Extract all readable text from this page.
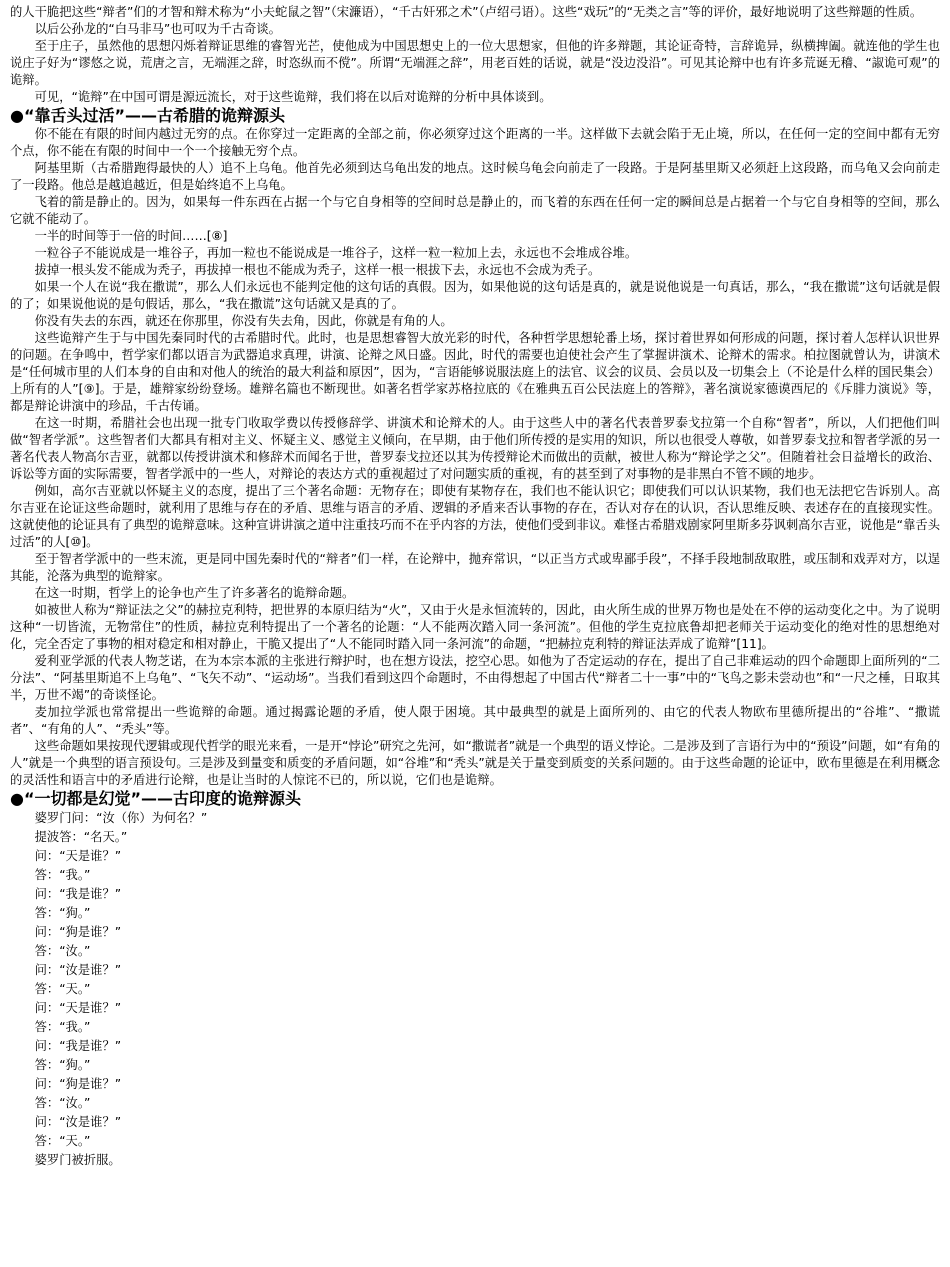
的人干脆把这些“辩者”们的才智和辩术称为“小夫蛇鼠之智”（宋濂语），“千古奸邪之术”（卢绍弓语）。这些“戏玩”的“无类之言”等的评价，最好地说明了这些辩题的性质。

以后公孙龙的“白马非马”也可叹为千古奇谈。

至于庄子，虽然他的思想闪烁着辩证思维的睿智光芒，使他成为中国思想史上的一位大思想家，但他的许多辩题，其论证奇特，言辞诡异，纵横捭阖。就连他的学生也说庄子好为“谬悠之说，荒唐之言，无端涯之辞，时恣纵而不傥”。所谓“无端涯之辞”，用老百姓的话说，就是“没边没沿”。可见其论辩中也有许多荒诞无稽、“諔诡可观”的诡辩。

可见，“诡辩”在中国可谓是源远流长，对于这些诡辩，我们将在以后对诡辩的分析中具体谈到。

●“靠舌头过活”——古希腊的诡辩源头

你不能在有限的时间内越过无穷的点。在你穿过一定距离的全部之前，你必须穿过这个距离的一半。这样做下去就会陷于无止境，所以，在任何一定的空间中都有无穷个点，你不能在有限的时间中一个一个接触无穷个点。

阿基里斯（古希腊跑得最快的人）追不上乌龟。他首先必须到达乌龟出发的地点。这时候乌龟会向前走了一段路。于是阿基里斯又必须赶上这段路，而乌龟又会向前走了一段路。他总是越追越近，但是始终追不上乌龟。

飞着的箭是静止的。因为，如果每一件东西在占据一个与它自身相等的空间时总是静止的，而飞着的东西在任何一定的瞬间总是占据着一个与它自身相等的空间，那么它就不能动了。

一半的时间等于一倍的时间……[⑧]

一粒谷子不能说成是一堆谷子，再加一粒也不能说成是一堆谷子，这样一粒一粒加上去，永远也不会堆成谷堆。

拔掉一根头发不能成为秃子，再拔掉一根也不能成为秃子，这样一根一根拔下去，永远也不会成为秃子。

如果一个人在说“我在撒谎”，那么人们永远也不能判定他的这句话的真假。因为，如果他说的这句话是真的，就是说他说是一句真话，那么，“我在撒谎”这句话就是假的了；如果说他说的是句假话，那么，“我在撒谎”这句话就又是真的了。

你没有失去的东西，就还在你那里，你没有失去角，因此，你就是有角的人。

这些诡辩产生于与中国先秦同时代的古希腊时代。此时，也是思想睿智大放光彩的时代，各种哲学思想轮番上场，探讨着世界如何形成的问题，探讨着人怎样认识世界的问题。在争鸣中，哲学家们都以语言为武器追求真理，讲演、论辩之风日盛。因此，时代的需要也迫使社会产生了掌握讲演术、论辩术的需求。柏拉图就曾认为，讲演术是“任何城市里的人们本身的自由和对他人的统治的最大利益和原因”，因为，“言语能够说服法庭上的法官、议会的议员、会员以及一切集会上（不论是什么样的国民集会）上所有的人”[⑨]。于是，雄辩家纷纷登场。雄辩名篇也不断现世。如著名哲学家苏格拉底的《在雅典五百公民法庭上的答辩》，著名演说家德谟西尼的《斥腓力演说》等，都是辩论讲演中的珍品，千古传诵。

在这一时期，希腊社会也出现一批专门收取学费以传授修辞学、讲演术和论辩术的人。由于这些人中的著名代表普罗泰戈拉第一个自称“智者”，所以，人们把他们叫做“智者学派”。这些智者们大都具有相对主义、怀疑主义、感觉主义倾向，在早期，由于他们所传授的是实用的知识，所以也很受人尊敬，如普罗泰戈拉和智者学派的另一著名代表人物高尔吉亚，就都以传授讲演术和修辞术而闻名于世，普罗泰戈拉还以其为传授辩论术而做出的贡献，被世人称为“辩论学之父”。但随着社会日益增长的政治、诉讼等方面的实际需要，智者学派中的一些人，对辩论的表达方式的重视超过了对问题实质的重视，有的甚至到了对事物的是非黑白不管不顾的地步。

例如，高尔吉亚就以怀疑主义的态度，提出了三个著名命题：无物存在；即使有某物存在，我们也不能认识它；即使我们可以认识某物，我们也无法把它告诉别人。高尔吉亚在论证这些命题时，就利用了思维与存在的矛盾、思维与语言的矛盾、逻辑的矛盾来否认事物的存在，否认对存在的认识，否认思维反映、表述存在的直接现实性。这就使他的论证具有了典型的诡辩意味。这种宣讲讲演之道中注重技巧而不在乎内容的方法，使他们受到非议。难怪古希腊戏剧家阿里斯多芬讽刺高尔吉亚，说他是“靠舌头过活”的人[⑩]。

至于智者学派中的一些末流，更是同中国先秦时代的“辩者”们一样，在论辩中，抛弃常识，“以正当方式或卑鄙手段”，不择手段地制敌取胜，或压制和戏弄对方，以逞其能，沦落为典型的诡辩家。

在这一时期，哲学上的论争也产生了许多著名的诡辩命题。

如被世人称为“辩证法之父”的赫拉克利特，把世界的本原归结为“火”，又由于火是永恒流转的，因此，由火所生成的世界万物也是处在不停的运动变化之中。为了说明这种“一切皆流，无物常住”的性质，赫拉克利特提出了一个著名的论题：“人不能两次踏入同一条河流”。但他的学生克拉底鲁却把老师关于运动变化的绝对性的思想绝对化，完全否定了事物的相对稳定和相对静止，干脆又提出了“人不能同时踏入同一条河流”的命题，“把赫拉克利特的辩证法弄成了诡辩”[11]。

爱利亚学派的代表人物芝诺，在为本宗本派的主张进行辩护时，也在想方设法，挖空心思。如他为了否定运动的存在，提出了自己非难运动的四个命题即上面所列的“二分法”、“阿基里斯追不上乌龟”、“飞矢不动”、“运动场”。当我们看到这四个命题时，不由得想起了中国古代“辩者二十一事”中的“飞鸟之影未尝动也”和“一尺之棰，日取其半，万世不竭”的奇谈怪论。

麦加拉学派也常常提出一些诡辩的命题。通过揭露论题的矛盾，使人限于困境。其中最典型的就是上面所列的、由它的代表人物欧布里德所提出的“谷堆”、“撒谎者”、“有角的人”、“秃头”等。

这些命题如果按现代逻辑或现代哲学的眼光来看，一是开“悖论”研究之先河，如“撒谎者”就是一个典型的语义悖论。二是涉及到了言语行为中的“预设”问题，如“有角的人”就是一个典型的语言预设句。三是涉及到量变和质变的矛盾问题，如“谷堆”和“秃头”就是关于量变到质变的关系问题的。由于这些命题的论证中，欧布里德是在利用概念的灵活性和语言中的矛盾进行论辩，也是让当时的人惊诧不已的，所以说，它们也是诡辩。

●“一切都是幻觉”——古印度的诡辩源头

婆罗门问：“汝（你）为何名？”

提波答：“名天。”

问：“天是谁？”

答：“我。”

问：“我是谁？”

答：“狗。”

问：“狗是谁？”

答：“汝。”

问：“汝是谁？”

答：“天。”

问：“天是谁？”

答：“我。”

问：“我是谁？”

答：“狗。”

问：“狗是谁？”

答：“汝。”

问：“汝是谁？”

答：“天。”

婆罗门被折服。
